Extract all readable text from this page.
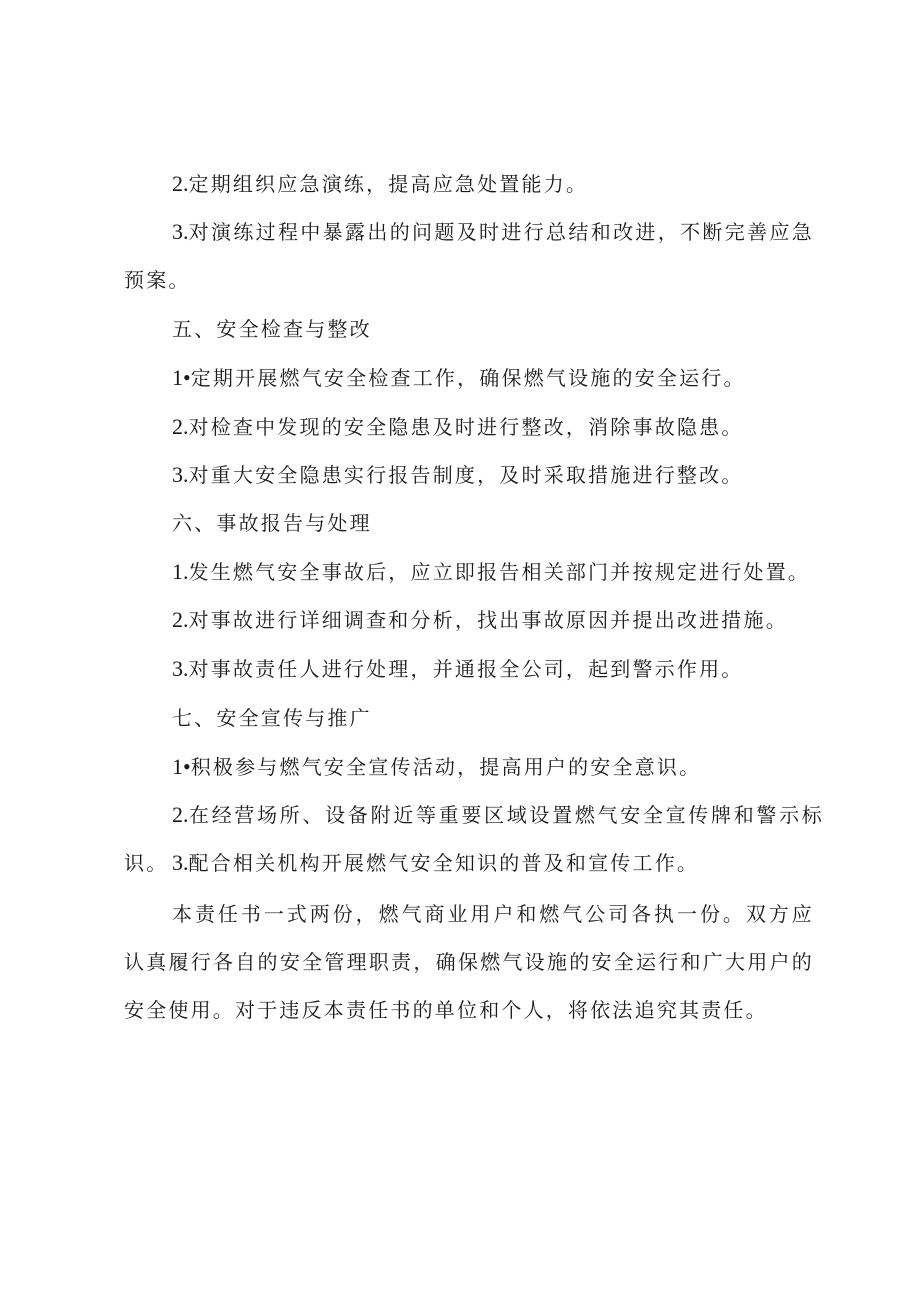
2.定期组织应急演练，提高应急处置能力。

3.对演练过程中暴露出的问题及时进行总结和改进，不断完善应急预案。

五、安全检查与整改

1•定期开展燃气安全检查工作，确保燃气设施的安全运行。

2.对检查中发现的安全隐患及时进行整改，消除事故隐患。

3.对重大安全隐患实行报告制度，及时采取措施进行整改。

六、事故报告与处理

1.发生燃气安全事故后，应立即报告相关部门并按规定进行处置。

2.对事故进行详细调查和分析，找出事故原因并提出改进措施。

3.对事故责任人进行处理，并通报全公司，起到警示作用。

七、安全宣传与推广

1•积极参与燃气安全宣传活动，提高用户的安全意识。

2.在经营场所、设备附近等重要区域设置燃气安全宣传牌和警示标识。 3.配合相关机构开展燃气安全知识的普及和宣传工作。

本责任书一式两份，燃气商业用户和燃气公司各执一份。双方应认真履行各自的安全管理职责，确保燃气设施的安全运行和广大用户的安全使用。对于违反本责任书的单位和个人，将依法追究其责任。
